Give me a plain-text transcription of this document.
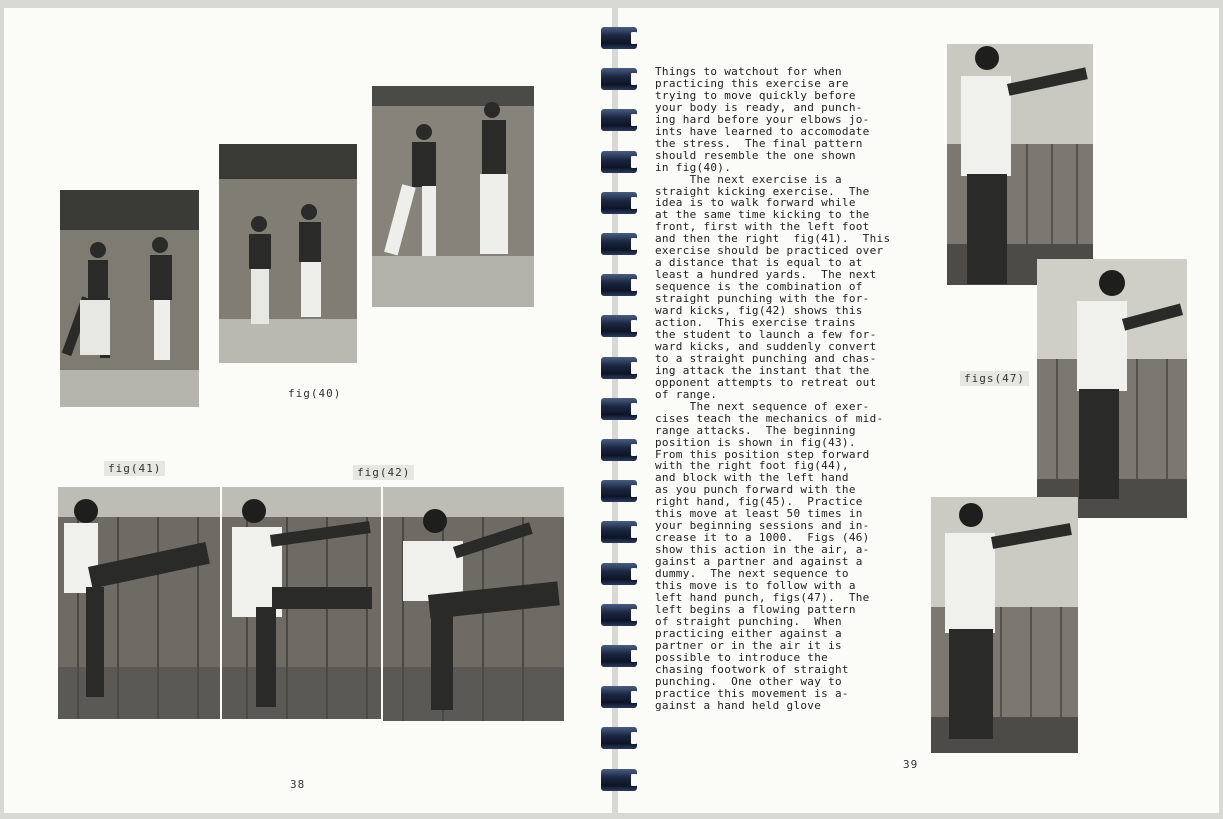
fig(40)
fig(41)	fig(42)
38
Things to watchout for when
practicing this exercise are
trying to move quickly before
your body is ready, and punch-
ing hard before your elbows jo-
ints have learned to accomodate
the stress.  The final pattern
should resemble the one shown
in fig(40).
The next exercise is a
straight kicking exercise.  The
idea is to walk forward while
at the same time kicking to the
front, first with the left foot
and then the right  fig(41).  This
exercise should be practiced over
a distance that is equal to at
least a hundred yards.  The next
sequence is the combination of
straight punching with the for-
ward kicks, fig(42) shows this
action.  This exercise trains
the student to launch a few for-
ward kicks, and suddenly convert
to a straight punching and chas-
ing attack the instant that the
opponent attempts to retreat out
of range.
The next sequence of exer-
cises teach the mechanics of mid-
range attacks.  The beginning
position is shown in fig(43).
From this position step forward
with the right foot fig(44),
and block with the left hand
as you punch forward with the
right hand, fig(45).  Practice
this move at least 50 times in
your beginning sessions and in-
crease it to a 1000.  Figs (46)
show this action in the air, a-
gainst a partner and against a
dummy.  The next sequence to
this move is to follow with a
left hand punch, figs(47).  The
left begins a flowing pattern
of straight punching.  When
practicing either against a
partner or in the air it is
possible to introduce the
chasing footwork of straight
punching.  One other way to
practice this movement is a-
gainst a hand held glove
figs(47)
39
